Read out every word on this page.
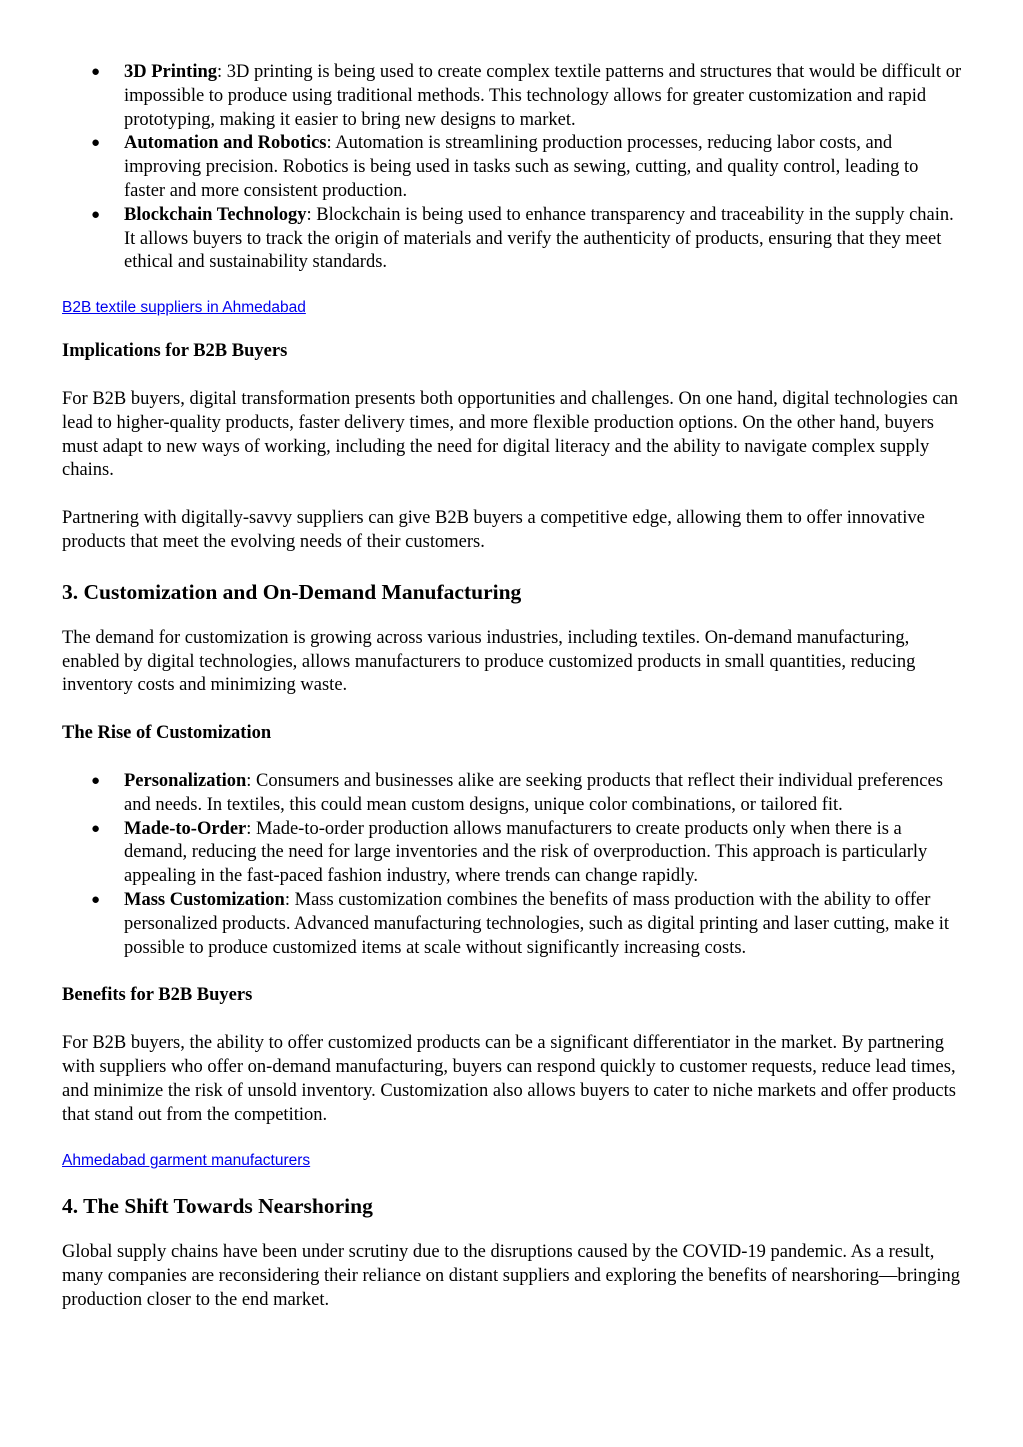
● 3D Printing: 3D printing is being used to create complex textile patterns and structures that would be difficult or impossible to produce using traditional methods. This technology allows for greater customization and rapid prototyping, making it easier to bring new designs to market.
● Automation and Robotics: Automation is streamlining production processes, reducing labor costs, and improving precision. Robotics is being used in tasks such as sewing, cutting, and quality control, leading to faster and more consistent production.
● Blockchain Technology: Blockchain is being used to enhance transparency and traceability in the supply chain. It allows buyers to track the origin of materials and verify the authenticity of products, ensuring that they meet ethical and sustainability standards.
B2B textile suppliers in Ahmedabad
Implications for B2B Buyers

For B2B buyers, digital transformation presents both opportunities and challenges. On one hand, digital technologies can lead to higher-quality products, faster delivery times, and more flexible production options. On the other hand, buyers must adapt to new ways of working, including the need for digital literacy and the ability to navigate complex supply chains.

Partnering with digitally-savvy suppliers can give B2B buyers a competitive edge, allowing them to offer innovative products that meet the evolving needs of their customers.

3. Customization and On-Demand Manufacturing

The demand for customization is growing across various industries, including textiles. On-demand manufacturing, enabled by digital technologies, allows manufacturers to produce customized products in small quantities, reducing inventory costs and minimizing waste.

The Rise of Customization
● Personalization: Consumers and businesses alike are seeking products that reflect their individual preferences and needs. In textiles, this could mean custom designs, unique color combinations, or tailored fit.
● Made-to-Order: Made-to-order production allows manufacturers to create products only when there is a demand, reducing the need for large inventories and the risk of overproduction. This approach is particularly appealing in the fast-paced fashion industry, where trends can change rapidly.
● Mass Customization: Mass customization combines the benefits of mass production with the ability to offer personalized products. Advanced manufacturing technologies, such as digital printing and laser cutting, make it possible to produce customized items at scale without significantly increasing costs.
Benefits for B2B Buyers

For B2B buyers, the ability to offer customized products can be a significant differentiator in the market. By partnering with suppliers who offer on-demand manufacturing, buyers can respond quickly to customer requests, reduce lead times, and minimize the risk of unsold inventory. Customization also allows buyers to cater to niche markets and offer products that stand out from the competition.

Ahmedabad garment manufacturers
4. The Shift Towards Nearshoring

Global supply chains have been under scrutiny due to the disruptions caused by the COVID-19 pandemic. As a result, many companies are reconsidering their reliance on distant suppliers and exploring the benefits of nearshoring—bringing production closer to the end market.
